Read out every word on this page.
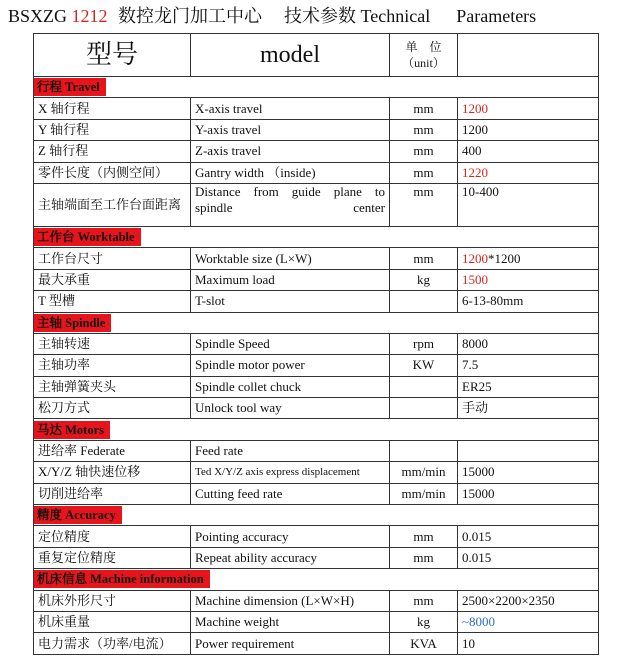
BSXZG 1212 数控龙门加工中心 技术参数 Technical Parameters
型号	model	单　位
（unit）	

行程 Travel			
X 轴行程	X-axis travel	mm	1200
Y 轴行程	Y-axis travel	mm	1200
Z 轴行程	Z-axis travel	mm	400
零件长度（内侧空间）	Gantry width （inside)	mm	1220
主轴端面至工作台面距离	Distance from guide plane to spindle center	mm	10-400
工作台 Worktable			
工作台尺寸	Worktable size (L×W)	mm	1200*1200
最大承重	Maximum load	kg	1500
T 型槽	T-slot		6-13-80mm
主轴 Spindle			
主轴转速	Spindle Speed	rpm	8000
主轴功率	Spindle motor power	KW	7.5
主轴弹簧夹头	Spindle collet chuck		ER25
松刀方式	Unlock tool way		手动
马达 Motors			
进给率 Federate	Feed rate		
X/Y/Z 轴快速位移	Ted X/Y/Z axis express displacement	mm/min	15000
切削进给率	Cutting feed rate	mm/min	15000
精度 Accuracy			
定位精度	Pointing accuracy	mm	0.015
重复定位精度	Repeat ability accuracy	mm	0.015
机床信息 Machine information			
机床外形尺寸	Machine dimension (L×W×H)	mm	2500×2200×2350
机床重量	Machine weight	kg	~8000
电力需求（功率/电流）	Power requirement	KVA	10
